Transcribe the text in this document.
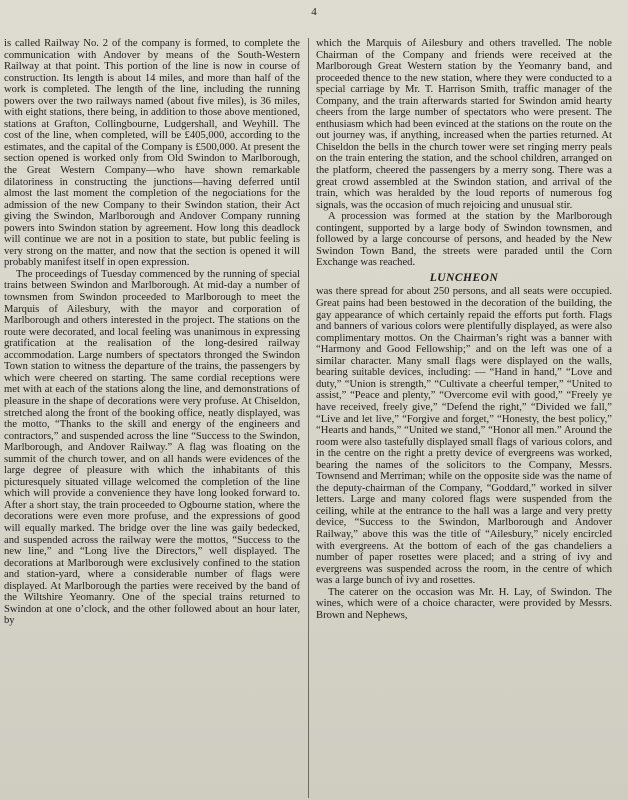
4

is called Railway No. 2 of the company is formed, to complete the communication with Andover by means of the South-Western Railway at that point. This portion of the line is now in course of construction. Its length is about 14 miles, and more than half of the work is completed. The length of the line, including the running powers over the two railways named (about five miles), is 36 miles, with eight stations, there being, in addition to those above mentioned, stations at Grafton, Collingbourne, Ludgershall, and Weyhill. The cost of the line, when completed, will be £405,000, according to the estimates, and the capital of the Company is £500,000. At present the section opened is worked only from Old Swindon to Marlborough, the Great Western Company—who have shown remarkable dilatoriness in constructing the junctions—having deferred until almost the last moment the completion of the negociations for the admission of the new Company to their Swindon station, their Act giving the Swindon, Marlborough and Andover Company running powers into Swindon station by agreement. How long this deadlock will continue we are not in a position to state, but public feeling is very strong on the matter, and now that the section is opened it will probably manifest itself in open expression.

The proceedings of Tuesday commenced by the running of special trains between Swindon and Marlborough. At mid-day a number of townsmen from Swindon proceeded to Marlborough to meet the Marquis of Ailesbury, with the mayor and corporation of Marlborough and others interested in the project. The stations on the route were decorated, and local feeling was unanimous in expressing gratification at the realisation of the long-desired railway accommodation. Large numbers of spectators thronged the Swindon Town station to witness the departure of the trains, the passengers by which were cheered on starting. The same cordial receptions were met with at each of the stations along the line, and demonstrations of pleasure in the shape of decorations were very profuse. At Chiseldon, stretched along the front of the booking office, neatly displayed, was the motto, “Thanks to the skill and energy of the engineers and contractors,” and suspended across the line “Success to the Swindon, Marlborough, and Andover Railway.” A flag was floating on the summit of the church tower, and on all hands were evidences of the large degree of pleasure with which the inhabitants of this picturesquely situated village welcomed the completion of the line which will provide a convenience they have long looked forward to. After a short stay, the train proceeded to Ogbourne station, where the decorations were even more profuse, and the expressions of good will equally marked. The bridge over the line was gaily bedecked, and suspended across the railway were the mottos, “Success to the new line,” and “Long live the Directors,” well displayed. The decorations at Marlborough were exclusively confined to the station and station-yard, where a considerable number of flags were displayed. At Marlborough the parties were received by the band of the Wiltshire Yeomanry. One of the special trains returned to Swindon at one o’clock, and the other followed about an hour later, by

which the Marquis of Ailesbury and others travelled. The noble Chairman of the Company and friends were received at the Marlborough Great Western station by the Yeomanry band, and proceeded thence to the new station, where they were conducted to a special carriage by Mr. T. Harrison Smith, traffic manager of the Company, and the train afterwards started for Swindon amid hearty cheers from the large number of spectators who were present. The enthusiasm which had been evinced at the stations on the route on the out journey was, if anything, increased when the parties returned. At Chiseldon the bells in the church tower were set ringing merry peals on the train entering the station, and the school children, arranged on the platform, cheered the passengers by a merry song. There was a great crowd assembled at the Swindon station, and arrival of the train, which was heralded by the loud reports of numerous fog signals, was the occasion of much rejoicing and unusual stir.

A procession was formed at the station by the Marlborough contingent, supported by a large body of Swindon townsmen, and followed by a large concourse of persons, and headed by the New Swindon Town Band, the streets were paraded until the Corn Exchange was reached.

LUNCHEON

was there spread for about 250 persons, and all seats were occupied. Great pains had been bestowed in the decoration of the building, the gay appearance of which certainly repaid the efforts put forth. Flags and banners of various colors were plentifully displayed, as were also complimentary mottos. On the Chairman’s right was a banner with “Harmony and Good Fellowship;” and on the left was one of a similar character. Many small flags were displayed on the walls, bearing suitable devices, including: — “Hand in hand,” “Love and duty,” “Union is strength,” “Cultivate a cheerful temper,” “United to assist,” “Peace and plenty,” “Overcome evil with good,” “Freely ye have received, freely give,” “Defend the right,” “Divided we fall,” “Live and let live,” “Forgive and forget,” “Honesty, the best policy,” “Hearts and hands,” “United we stand,” “Honor all men.” Around the room were also tastefully displayed small flags of various colors, and in the centre on the right a pretty device of evergreens was worked, bearing the names of the solicitors to the Company, Messrs. Townsend and Merriman; while on the opposite side was the name of the deputy-chairman of the Company, “Goddard,” worked in silver letters. Large and many colored flags were suspended from the ceiling, while at the entrance to the hall was a large and very pretty device, “Success to the Swindon, Marlborough and Andover Railway,” above this was the title of “Ailesbury,” nicely encircled with evergreens. At the bottom of each of the gas chandeliers a number of paper rosettes were placed; and a string of ivy and evergreens was suspended across the room, in the centre of which was a large bunch of ivy and rosettes.

The caterer on the occasion was Mr. H. Lay, of Swindon. The wines, which were of a choice character, were provided by Messrs. Brown and Nephews,
